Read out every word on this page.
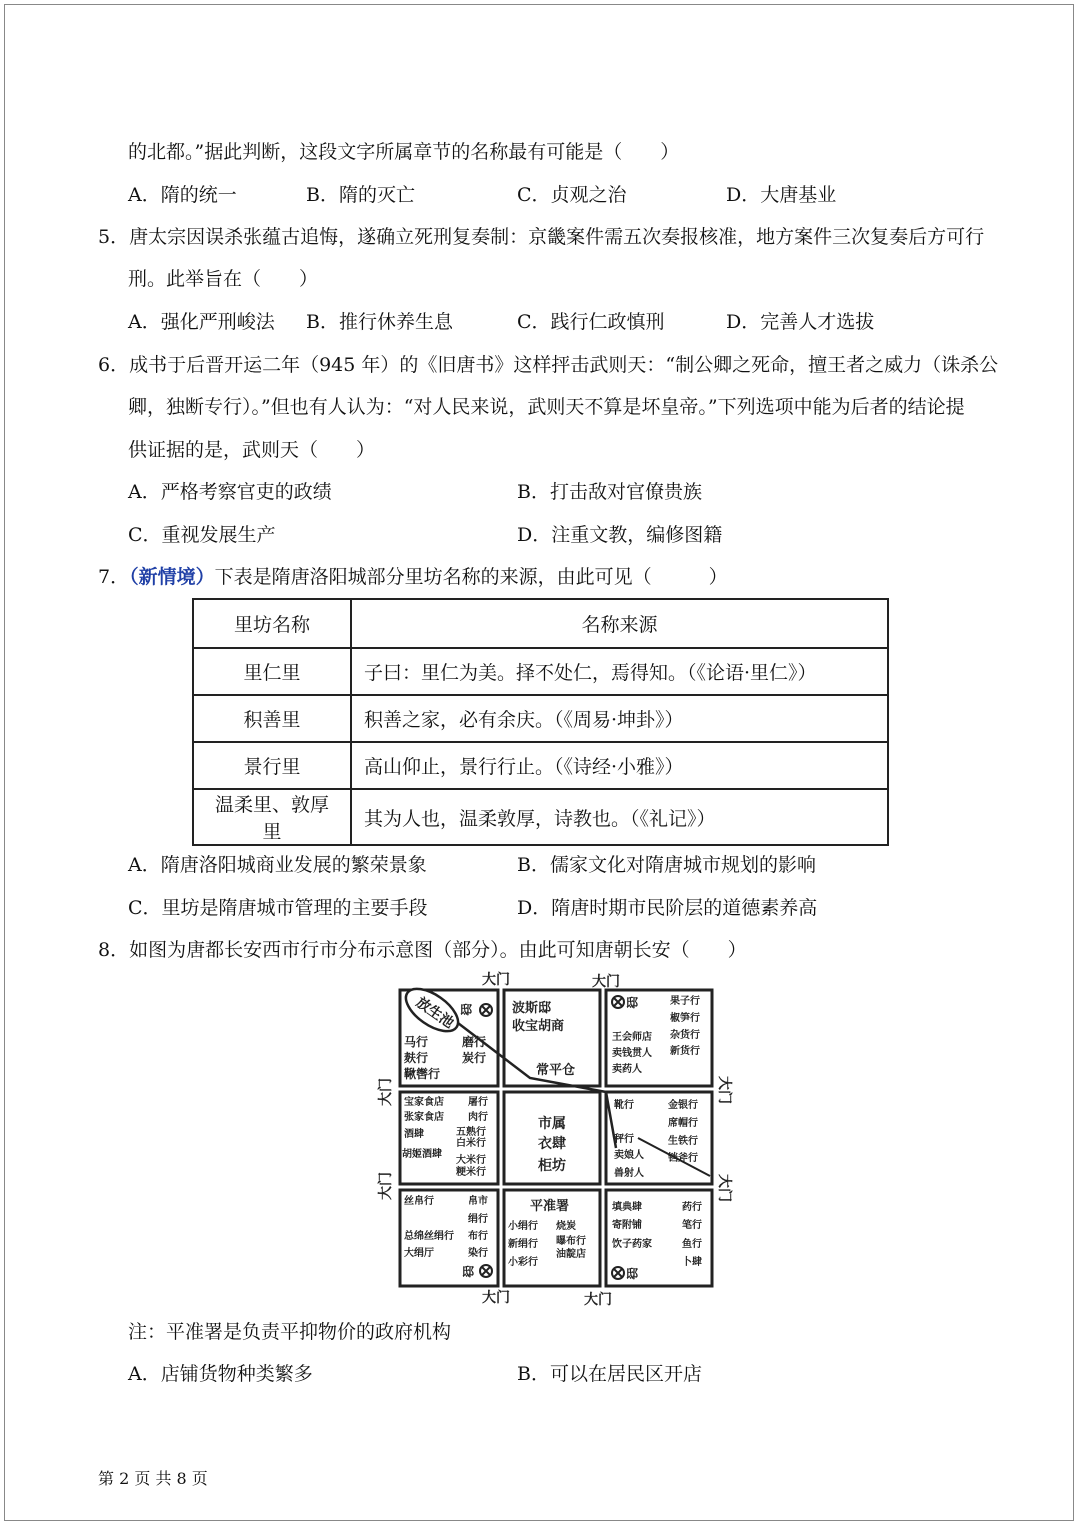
的北都。”据此判断，这段文字所属章节的名称最有可能是（　　）
A．隋的统一	B．隋的灭亡	C．贞观之治	D．大唐基业
5．唐太宗因误杀张蕴古追悔，遂确立死刑复奏制：京畿案件需五次奏报核准，地方案件三次复奏后方可行
刑。此举旨在（　　）
A．强化严刑峻法 B．推行休养生息	C．践行仁政慎刑	D．完善人才选拔
6．成书于后晋开运二年（945 年）的《旧唐书》这样抨击武则天：“制公卿之死命，擅王者之威力（诛杀公
卿，独断专行）。”但也有人认为：“对人民来说，武则天不算是坏皇帝。”下列选项中能为后者的结论提
供证据的是，武则天（　　）
A．严格考察官吏的政绩	B．打击敌对官僚贵族
C．重视发展生产	D．注重文教，编修图籍
7．（新情境）下表是隋唐洛阳城部分里坊名称的来源，由此可见（　　　）
里坊名称	名称来源
里仁里	子曰：里仁为美。择不处仁，焉得知。（《论语·里仁》）
积善里	积善之家，必有余庆。（《周易·坤卦》）
景行里	高山仰止，景行行止。（《诗经·小雅》）
温柔里、敦厚里	其为人也，温柔敦厚，诗教也。（《礼记》）
A．隋唐洛阳城商业发展的繁荣景象	B．儒家文化对隋唐城市规划的影响
C．里坊是隋唐城市管理的主要手段	D．隋唐时期市民阶层的道德素养高
8．如图为唐都长安西市行市分布示意图（部分）。由此可知唐朝长安（　　）
放生池
大门	大门
大门	大门
大门
大门
大门
大门
邸
马行	磨行
麸行	炭行
鞦辔行
波斯邸
收宝胡商
常平仓
邸	果子行
椒笋行
王会师店 杂货行
卖钱贯人 新货行
卖药人
宝家食店 屠行
张家食店 肉行
酒肆	五熟行
白米行
胡姬酒肆
大米行
粳米行
市属
衣肆
柜坊
靴行	金银行
席帽行
秤行	生铁行
卖娘人 铛斧行
兽射人
丝帛行	帛市
绢行
总绵丝绢行 布行
大绢厅	染行
邸
平准署
小绢行 烧炭
新绢行 曝布行
小彩行
油靛店
填典肆	药行
寄附铺	笔行
饮子药家	鱼行
卜肆
邸
注：平准署是负责平抑物价的政府机构
A．店铺货物种类繁多	B．可以在居民区开店
第 2 页 共 8 页
